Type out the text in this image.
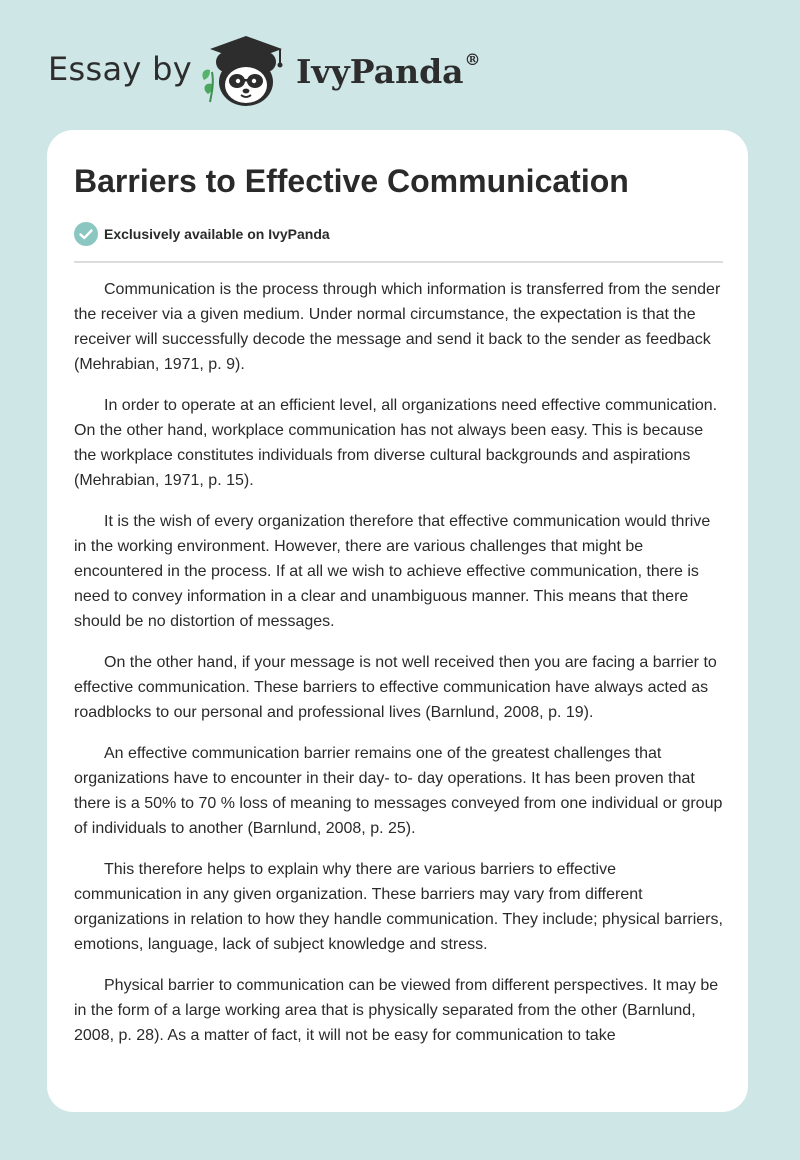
Essay by	IvyPanda®
Barriers to Effective Communication
Exclusively available on IvyPanda

Communication is the process through which information is transferred from the sender the receiver via a given medium. Under normal circumstance, the expectation is that the receiver will successfully decode the message and send it back to the sender as feedback (Mehrabian, 1971, p. 9).

In order to operate at an efficient level, all organizations need effective communication. On the other hand, workplace communication has not always been easy. This is because the workplace constitutes individuals from diverse cultural backgrounds and aspirations (Mehrabian, 1971, p. 15).

It is the wish of every organization therefore that effective communication would thrive in the working environment. However, there are various challenges that might be encountered in the process. If at all we wish to achieve effective communication, there is need to convey information in a clear and unambiguous manner. This means that there should be no distortion of messages.

On the other hand, if your message is not well received then you are facing a barrier to effective communication. These barriers to effective communication have always acted as roadblocks to our personal and professional lives (Barnlund, 2008, p. 19).

An effective communication barrier remains one of the greatest challenges that organizations have to encounter in their day- to- day operations. It has been proven that there is a 50% to 70 % loss of meaning to messages conveyed from one individual or group of individuals to another (Barnlund, 2008, p. 25).

This therefore helps to explain why there are various barriers to effective communication in any given organization. These barriers may vary from different organizations in relation to how they handle communication. They include; physical barriers, emotions, language, lack of subject knowledge and stress.

Physical barrier to communication can be viewed from different perspectives. It may be in the form of a large working area that is physically separated from the other (Barnlund, 2008, p. 28). As a matter of fact, it will not be easy for communication to take
